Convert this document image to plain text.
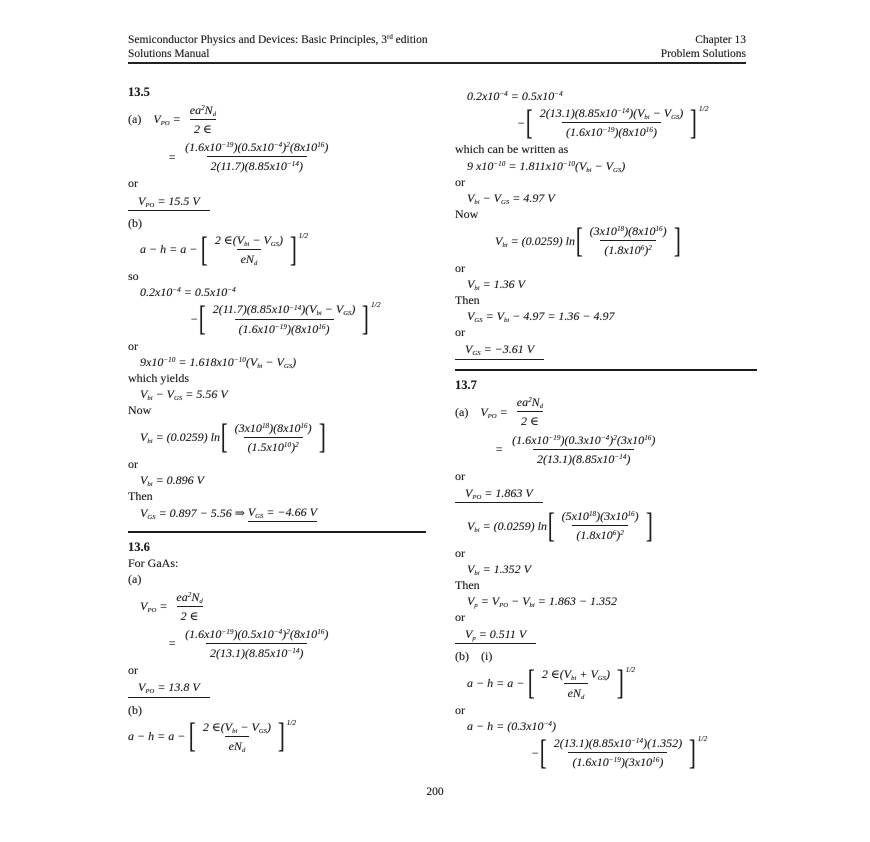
Semiconductor Physics and Devices: Basic Principles, 3rd edition
Solutions Manual
Chapter 13
Problem Solutions
13.5
(a) $V_{PO} = \frac{ea^2N_d}{2 \in}$
= $\frac{(1.6x10^{-19})(0.5x10^{-4})^2(8x10^{16})}{2(11.7)(8.85x10^{-14})}$
or
$V_{PO} = 15.5$ V
(b)
a − h = a − [ $\frac{2 \in(V_{bi} - V_{GS})}{eN_d}$ ] 1/2
so
$0.2x10^{-4} = 0.5x10^{-4}$
− [ $\frac{2(11.7)(8.85x10^{-14})(V_{bi} - V_{GS})}{(1.6x10^{-19})(8x10^{16})}$ ] 1/2
or
$9x10^{-10} = 1.618x10^{-10}(V_{bi} - V_{GS})$
which yields
$V_{bi} - V_{GS} = 5.56$ V
Now
$V_{bi} = (0.0259)$ ln [ $\frac{(3x10^{18})(8x10^{16})}{(1.5x10^{10})^2}$ ]
or
$V_{bi} = 0.896$ V
Then
$V_{GS} = 0.897 - 5.56$ ⇒ $V_{GS} = -4.66$ V
13.6
For GaAs:
(a)
$V_{PO} = \frac{ea^2N_d}{2 \in}$
= $\frac{(1.6x10^{-19})(0.5x10^{-4})^2(8x10^{16})}{2(13.1)(8.85x10^{-14})}$
or
$V_{PO} = 13.8$ V
(b)
a − h = a − [ $\frac{2 \in(V_{bi} - V_{GS})}{eN_d}$ ] 1/2
$0.2x10^{-4} = 0.5x10^{-4}$
− [ $\frac{2(13.1)(8.85x10^{-14})(V_{bi} - V_{GS})}{(1.6x10^{-19})(8x10^{16})}$ ] 1/2
which can be written as
9 $x10^{-10} = 1.811x10^{-10}(V_{bi} - V_{GS})$
or
$V_{bi} - V_{GS} = 4.97$ V
Now
$V_{bi} = (0.0259)$ ln [ $\frac{(3x10^{18})(8x10^{16})}{(1.8x10^6)^2}$ ]
or
$V_{bi} = 1.36$ V
Then
$V_{GS} = V_{bi} - 4.97 = 1.36 - 4.97$
or
$V_{GS} = -3.61$ V
13.7
(a) $V_{PO} = \frac{ea^2N_d}{2 \in}$
= $\frac{(1.6x10^{-19})(0.3x10^{-4})^2(3x10^{16})}{2(13.1)(8.85x10^{-14})}$
or
$V_{PO} = 1.863$ V
$V_{bi} = (0.0259)$ ln [ $\frac{(5x10^{18})(3x10^{16})}{(1.8x10^6)^2}$ ]
or
$V_{bi} = 1.352$ V
Then
$V_p = V_{PO} - V_{bi} = 1.863 - 1.352$
or
$V_p = 0.511$ V
(b) (i)
a − h = a − [ $\frac{2 \in(V_{bi} + V_{GS})}{eN_d}$ ] 1/2
or
$a - h = (0.3x10^{-4})$
− [ $\frac{2(13.1)(8.85x10^{-14})(1.352)}{(1.6x10^{-19})(3x10^{16})}$ ] 1/2
200
